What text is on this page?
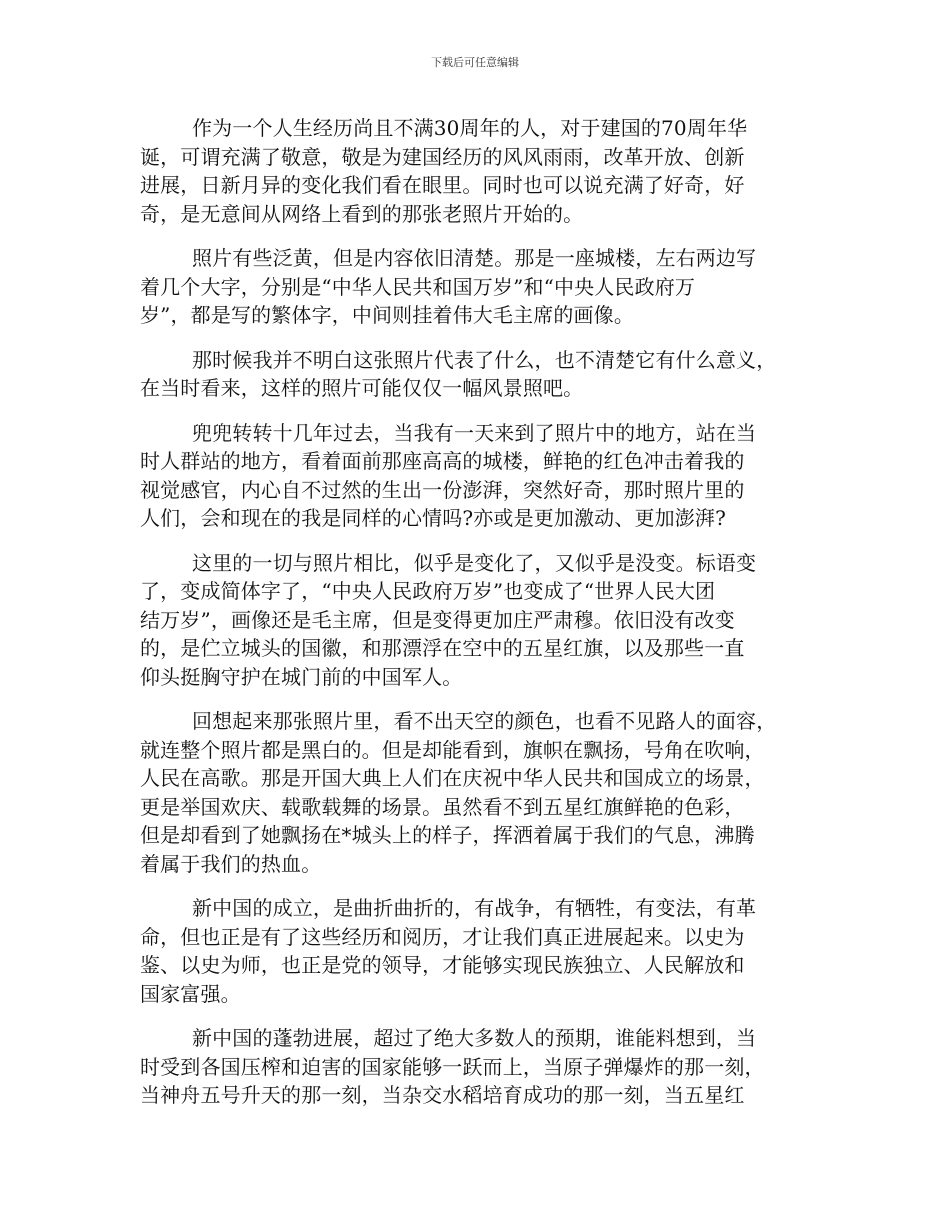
下载后可任意编辑

作为一个人生经历尚且不满30周年的人，对于建国的70周年华
诞，可谓充满了敬意，敬是为建国经历的风风雨雨，改革开放、创新
进展，日新月异的变化我们看在眼里。同时也可以说充满了好奇，好
奇，是无意间从网络上看到的那张老照片开始的。

照片有些泛黄，但是内容依旧清楚。那是一座城楼，左右两边写
着几个大字，分别是“中华人民共和国万岁”和“中央人民政府万
岁”，都是写的繁体字，中间则挂着伟大毛主席的画像。

那时候我并不明白这张照片代表了什么，也不清楚它有什么意义，
在当时看来，这样的照片可能仅仅一幅风景照吧。

兜兜转转十几年过去，当我有一天来到了照片中的地方，站在当
时人群站的地方，看着面前那座高高的城楼，鲜艳的红色冲击着我的
视觉感官，内心自不过然的生出一份澎湃，突然好奇，那时照片里的
人们，会和现在的我是同样的心情吗?亦或是更加激动、更加澎湃?

这里的一切与照片相比，似乎是变化了，又似乎是没变。标语变
了，变成简体字了，“中央人民政府万岁”也变成了“世界人民大团
结万岁”，画像还是毛主席，但是变得更加庄严肃穆。依旧没有改变
的，是伫立城头的国徽，和那漂浮在空中的五星红旗，以及那些一直
仰头挺胸守护在城门前的中国军人。

回想起来那张照片里，看不出天空的颜色，也看不见路人的面容，
就连整个照片都是黑白的。但是却能看到，旗帜在飘扬，号角在吹响，
人民在高歌。那是开国大典上人们在庆祝中华人民共和国成立的场景，
更是举国欢庆、载歌载舞的场景。虽然看不到五星红旗鲜艳的色彩，
但是却看到了她飘扬在*城头上的样子，挥洒着属于我们的气息，沸腾
着属于我们的热血。

新中国的成立，是曲折曲折的，有战争，有牺牲，有变法，有革
命，但也正是有了这些经历和阅历，才让我们真正进展起来。以史为
鉴、以史为师，也正是党的领导，才能够实现民族独立、人民解放和
国家富强。

新中国的蓬勃进展，超过了绝大多数人的预期，谁能料想到，当
时受到各国压榨和迫害的国家能够一跃而上，当原子弹爆炸的那一刻，
当神舟五号升天的那一刻，当杂交水稻培育成功的那一刻，当五星红
